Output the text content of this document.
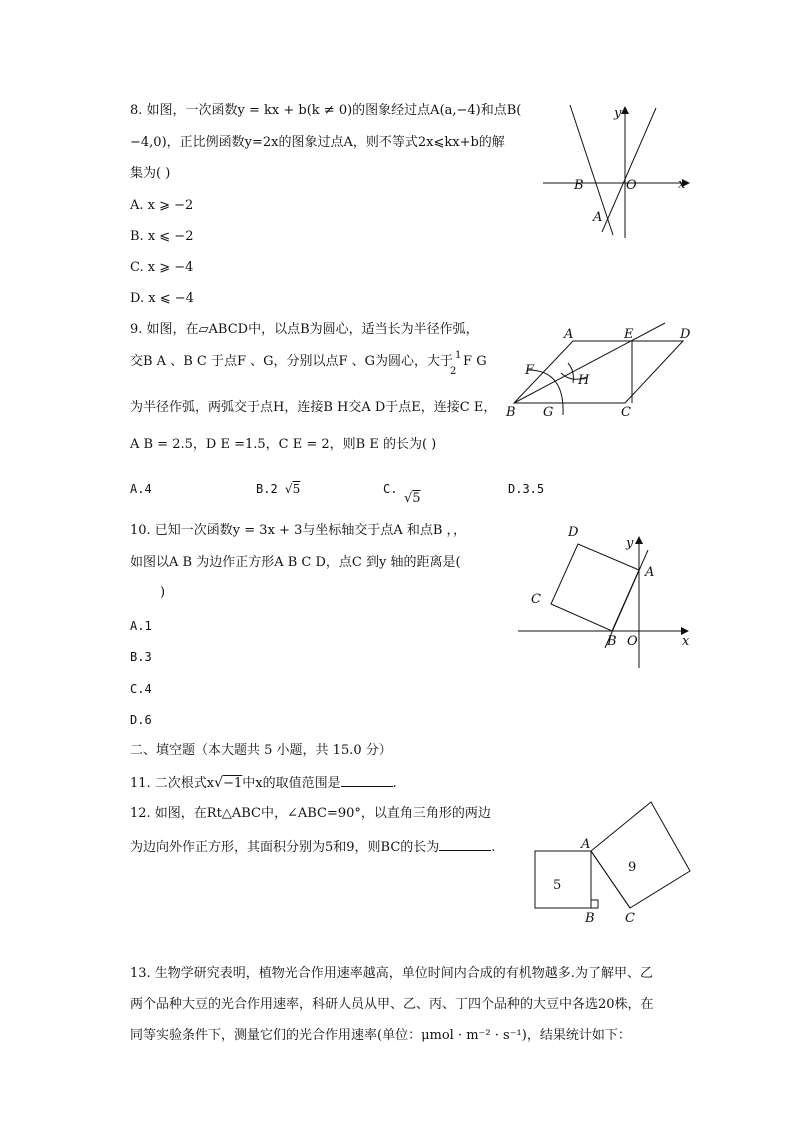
8. 如图，一次函数y = kx + b(k ≠ 0)的图象经过点A(a,−4)和点B(
−4,0)，正比例函数y=2x的图象过点A，则不等式2x⩽kx+b的解
集为( )
A. x ⩾ −2
B. x ⩽ −2
C. x ⩾ −4
D. x ⩽ −4
y
x
O
B
A
9. 如图，在▱ABCD中，以点B为圆心，适当长为半径作弧，
交B A 、B C 于点F 、G，分别以点F 、G为圆心，大于 1
2
F G
为半径作弧，两弧交于点H，连接B H交A D于点E，连接C E，
A B = 2.5，D E =1.5，C E = 2，则B E 的长为( )
A.4	B.2 √5	C.
√5
D.3.5
A	E	D
F
H
B G	C
10. 已知一次函数y = 3x + 3与坐标轴交于点A 和点B ，，
如图以A B 为边作正方形A B C D，点C 到y 轴的距离是(
)
A.1
B.3
C.4
D.6
D
y
A
C
B O	x
二、填空题（本大题共 5 小题，共 15.0 分）
11. 二次根式x√−1中x的取值范围是	.
12. 如图，在Rt△ABC中，∠ABC=90°，以直角三角形的两边
为边向外作正方形，其面积分别为5和9，则BC的长为	.	A
5
9
B C
13. 生物学研究表明，植物光合作用速率越高，单位时间内合成的有机物越多.为了解甲、乙
两个品种大豆的光合作用速率，科研人员从甲、乙、丙、丁四个品种的大豆中各选20株，在
同等实验条件下，测量它们的光合作用速率(单位：μmol · m⁻² · s⁻¹)，结果统计如下：
